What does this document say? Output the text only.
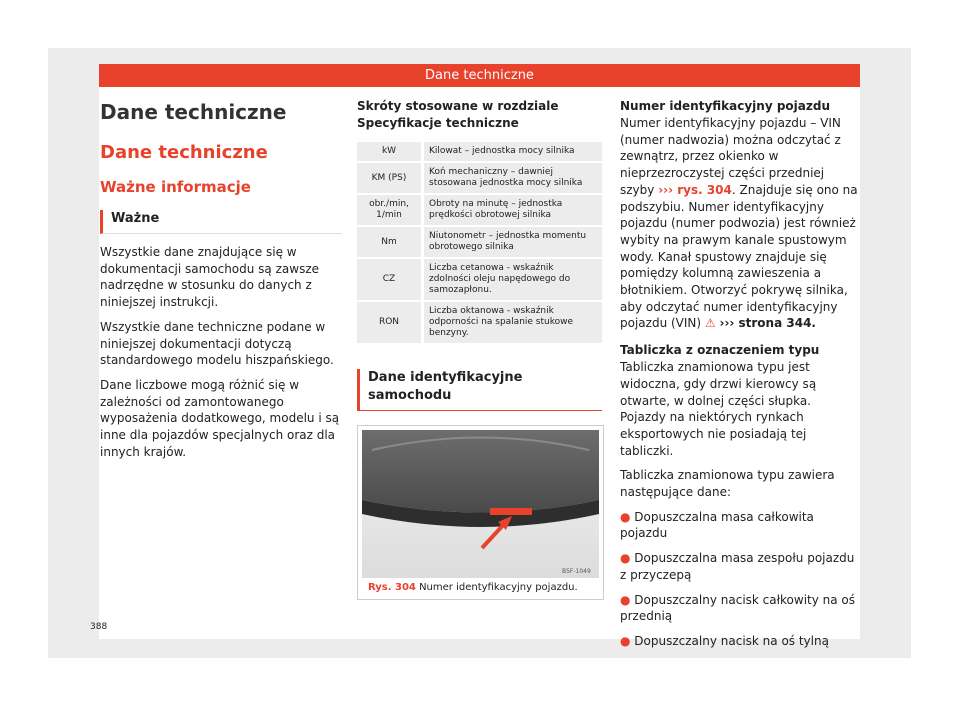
Dane techniczne
Dane techniczne
Dane techniczne
Ważne informacje
Ważne

Wszystkie dane znajdujące się w dokumentacji samochodu są zawsze nadrzędne w stosunku do danych z niniejszej instrukcji.

Wszystkie dane techniczne podane w niniejszej dokumentacji dotyczą standardowego modelu hiszpańskiego.

Dane liczbowe mogą różnić się w zależności od zamontowanego wyposażenia dodatkowego, modelu i są inne dla pojazdów specjalnych oraz dla innych krajów.

Skróty stosowane w rozdziale Specyfikacje techniczne
kW	Kilowat – jednostka mocy silnika
KM (PS)	Koń mechaniczny – dawniej stosowana jednostka mocy silnika
obr./min, 1/min	Obroty na minutę – jednostka prędkości obrotowej silnika
Nm	Niutonometr – jednostka momentu obrotowego silnika
CZ	Liczba cetanowa - wskaźnik zdolności oleju napędowego do samozapłonu.
RON	Liczba oktanowa - wskaźnik odporności na spalanie stukowe benzyny.
Dane identyfikacyjne samochodu
B5F-1049
Rys. 304 Numer identyfikacyjny pojazdu.
Numer identyfikacyjny pojazdu

Numer identyfikacyjny pojazdu – VIN (numer nadwozia) można odczytać z zewnątrz, przez okienko w nieprzezroczystej części przedniej szyby ››› rys. 304. Znajduje się ono na podszybiu. Numer identyfikacyjny pojazdu (numer podwozia) jest również wybity na prawym kanale spustowym wody. Kanał spustowy znajduje się pomiędzy kolumną zawieszenia a błotnikiem. Otworzyć pokrywę silnika, aby odczytać numer identyfikacyjny pojazdu (VIN) ⚠ ››› strona 344.

Tabliczka z oznaczeniem typu

Tabliczka znamionowa typu jest widoczna, gdy drzwi kierowcy są otwarte, w dolnej części słupka. Pojazdy na niektórych rynkach eksportowych nie posiadają tej tabliczki.

Tabliczka znamionowa typu zawiera następujące dane:

● Dopuszczalna masa całkowita pojazdu
● Dopuszczalna masa zespołu pojazdu z przyczepą
● Dopuszczalny nacisk całkowity na oś przednią
● Dopuszczalny nacisk na oś tylną
388
